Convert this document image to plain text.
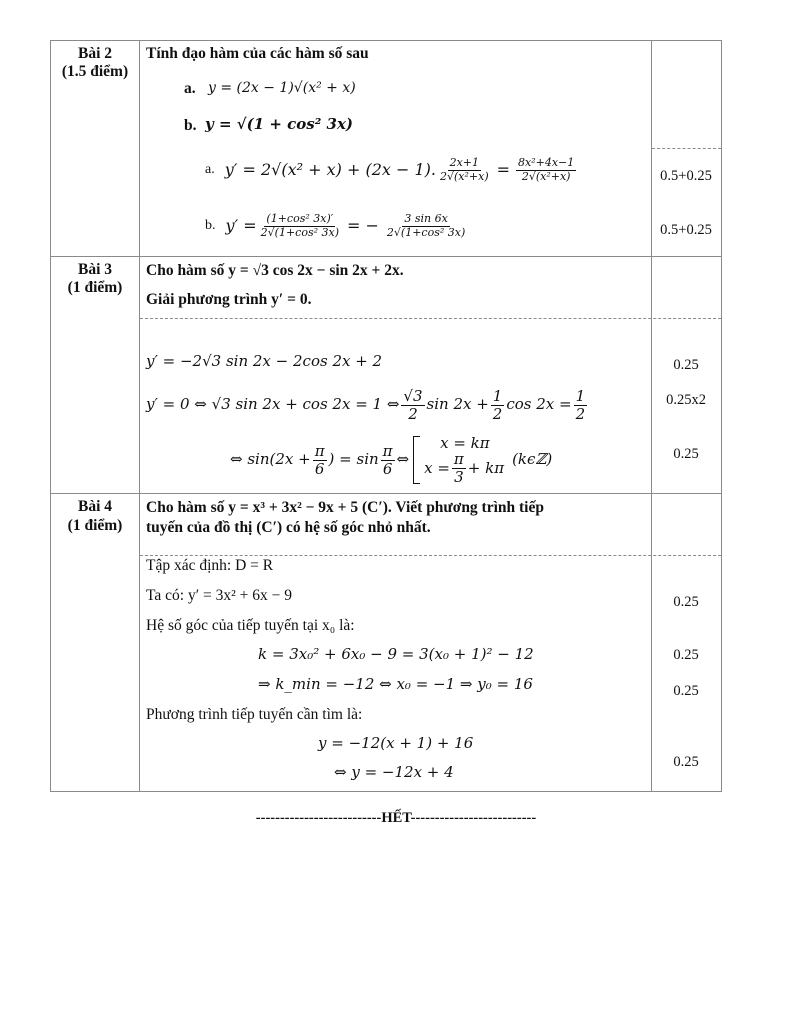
Bài 2
(1.5 điểm)
Tính đạo hàm của các hàm số sau
a. y = (2x − 1)√(x² + x)
b. y = √(1 + cos² 3x)
a. y′ = 2√(x² + x) + (2x − 1). $\frac{2x+1}{\text{2√(x²+x)}} = \frac{\text{8x²+4x−1}}{\text{2√(x²+x)}}$
b. $y' = \frac{\text{(1+cos² 3x)′}}{\text{2√(1+cos² 3x)}}$ = − $\frac{3 \sin 6x}{\text{2√(1+cos² 3x)}}$
0.5+0.25
0.5+0.25
Bài 3
(1 điểm)
Cho hàm số y = √3 cos 2x − sin 2x + 2x.
Giải phương trình y′ = 0.
y′ = −2√3 sin 2x − 2cos 2x + 2
y′ = 0 ⇔ √3 sin 2x + cos 2x = 1 ⇔ $\frac{√3}{2}$ $\sin 2x + \frac{1}{2}$ $\cos 2x = \frac{1}{2}$
⇔ $\sin(2x + \frac{\pi}{6}$ ) = $\sin \frac{\pi}{6}$ ⇔
x = kπ
$x = \frac{\pi}{3} + k\pi$ (kϵℤ)
0.25
0.25x2
0.25
Bài 4
(1 điểm)
Cho hàm số y = x³ + 3x² − 9x + 5 (C′). Viết phương trình tiếp
tuyến của đồ thị (C′) có hệ số góc nhỏ nhất.
Tập xác định: D = R
Ta có: y′ = 3x² + 6x − 9
Hệ số góc của tiếp tuyến tại x₀ là:
k = 3x₀² + 6x₀ − 9 = 3(x₀ + 1)² − 12
⇒ k_min = −12 ⇔ x₀ = −1 ⇒ y₀ = 16
Phương trình tiếp tuyến cần tìm là:
y = −12(x + 1) + 16
⇔ y = −12x + 4
0.25
0.25
0.25
0.25
--------------------------HẾT--------------------------
